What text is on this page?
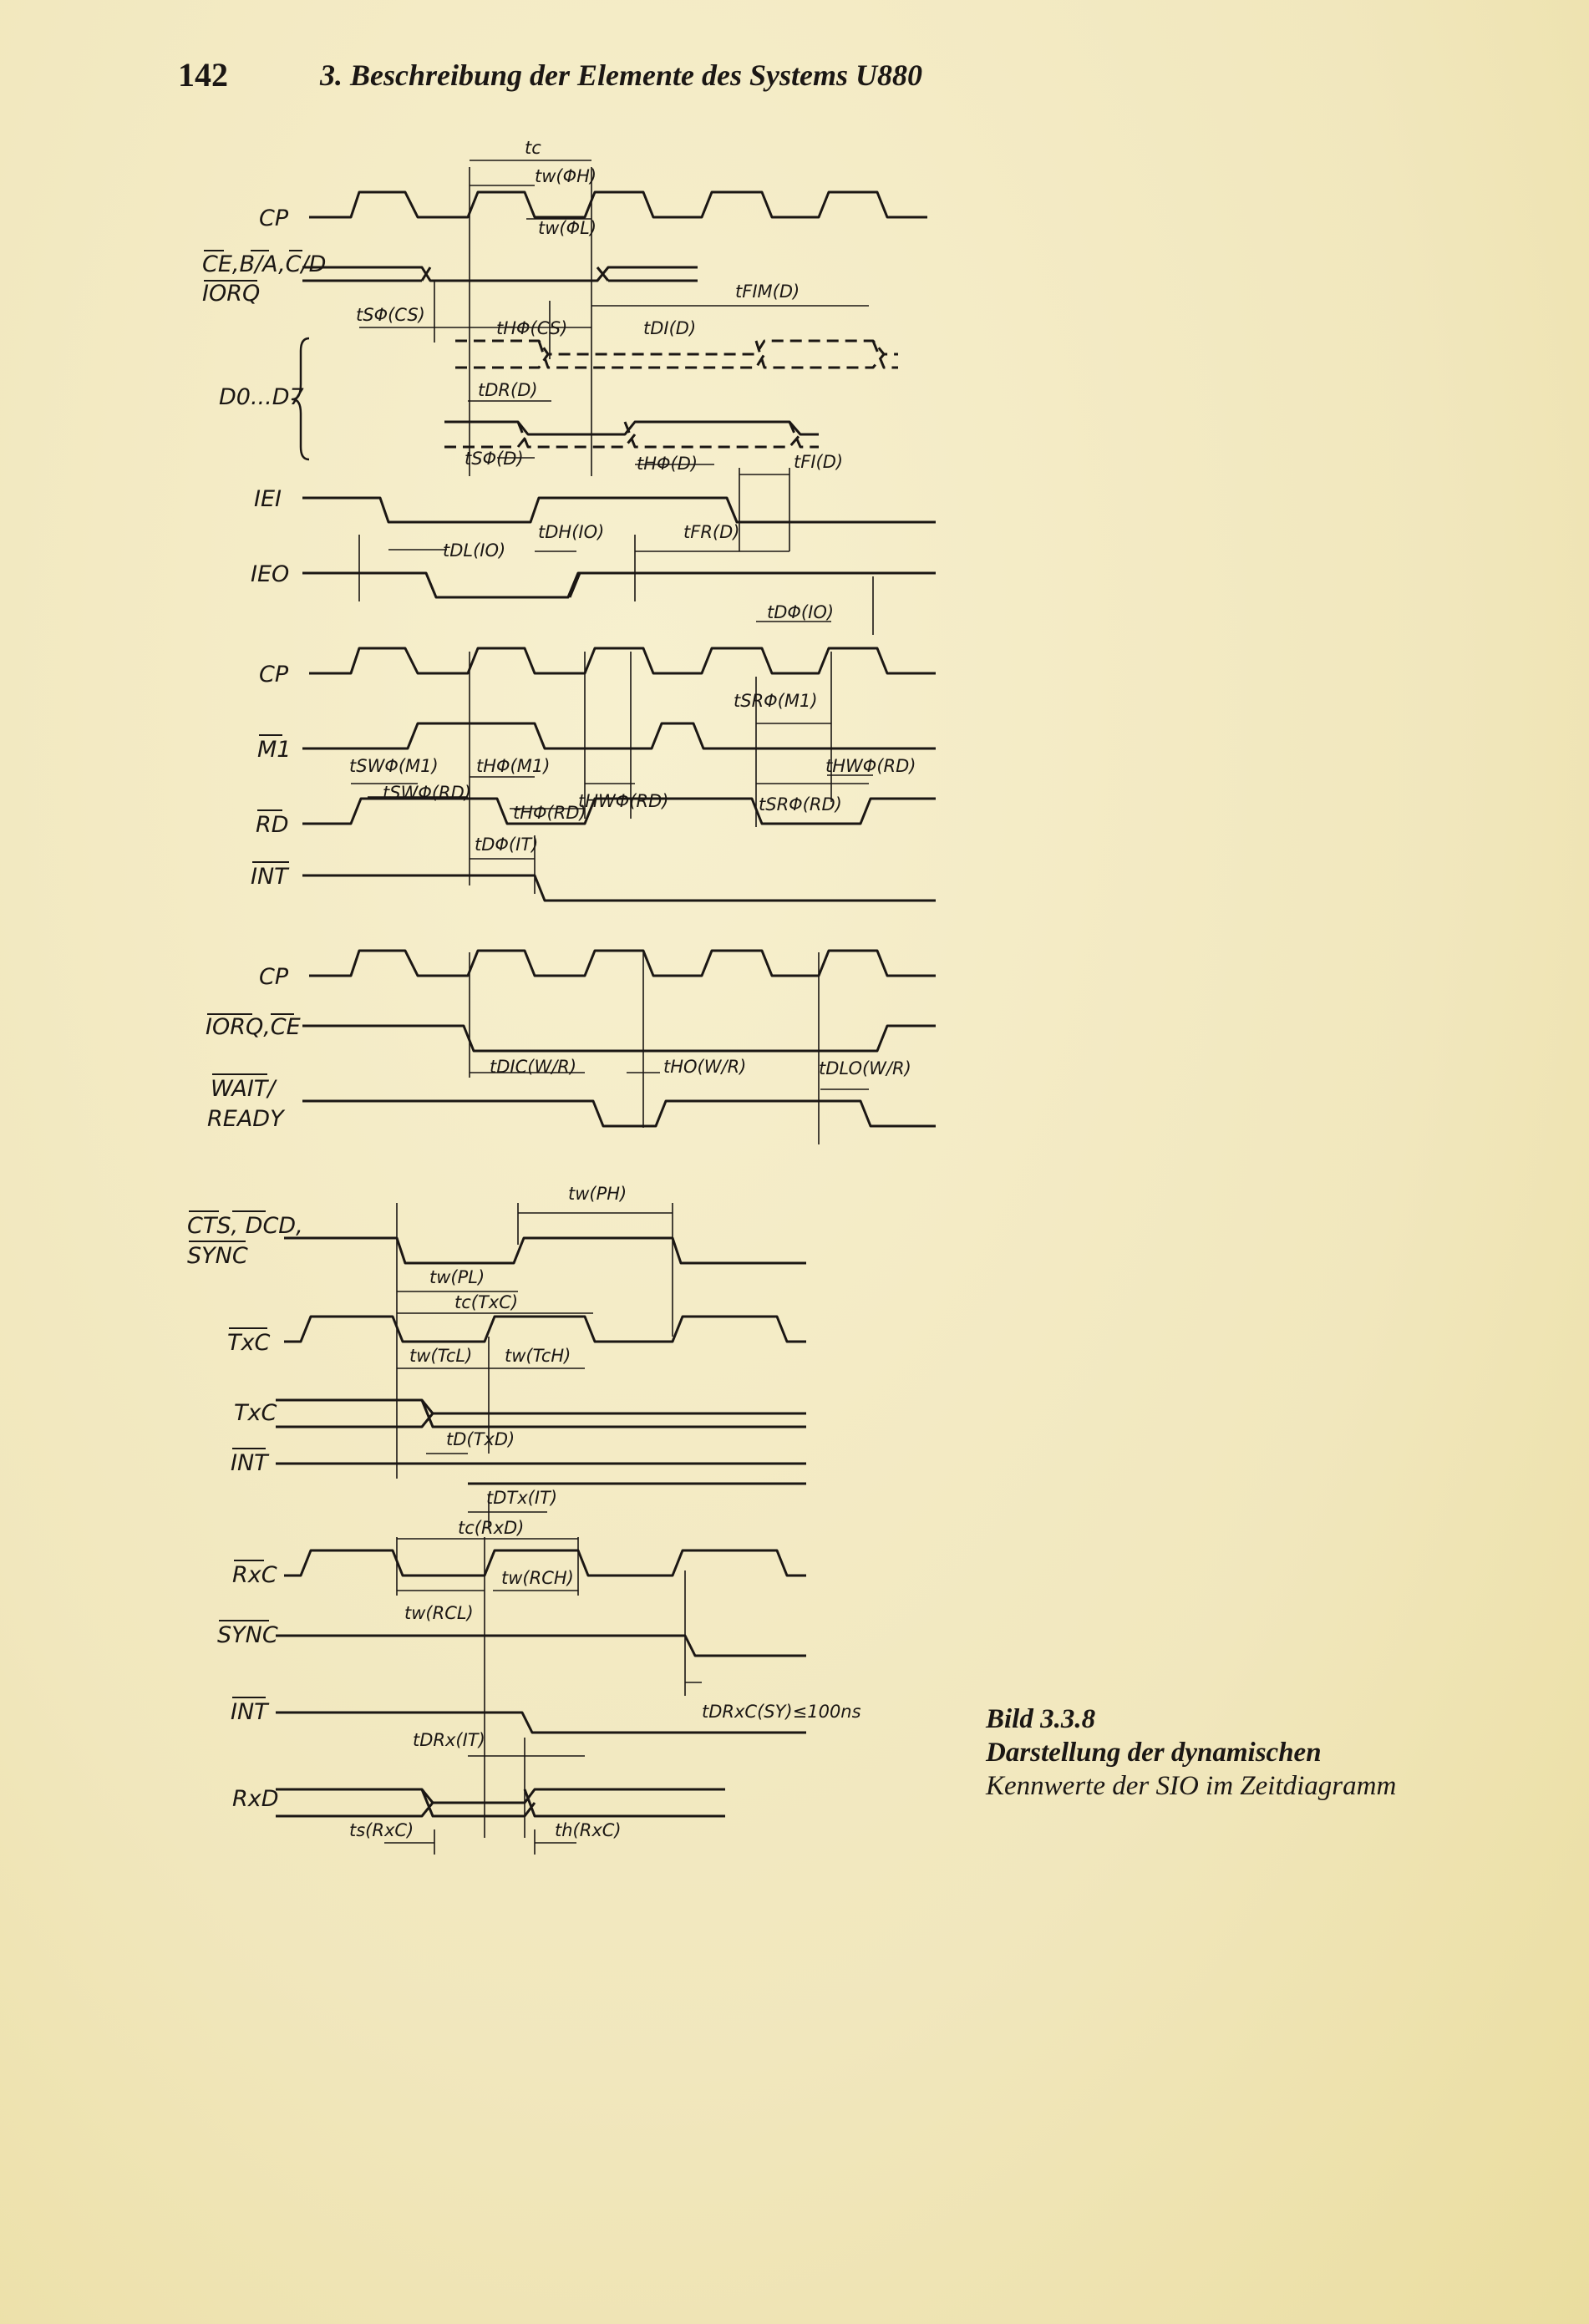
142	3. Beschreibung der Elemente des Systems U880
CP
CE,B/A,C/D
IORQ
D0...D7
IEI
IEO
CP
M1
RD
INT
CP
IORQ,CE
WAIT/
READY
CTS, DCD,
SYNC
TxC
TxC
INT
RxC
SYNC
INT
RxD
tc
tw(ΦH)
tw(ΦL)
tFIM(D)
tSΦ(CS)
tHΦ(CS)	tDI(D)
tDR(D)
tSΦ(D)	tHΦ(D)	tFI(D)
tDL(IO)
tDH(IO)	tFR(D)
tDΦ(IO)
tSRΦ(M1)
tSWΦ(M1)
tSWΦ(RD)
tHΦ(M1)
tHΦ(RD)
tHWΦ(RD)	tSRΦ(RD)
tHWΦ(RD)
tDΦ(IT)
tDIC(W/R)	tHO(W/R)	tDLO(W/R)
tw(PH)
tw(PL)
tc(TxC)
tw(TcL) tw(TcH)
tD(TxD)
tDTx(IT)
tc(RxD)
tw(RCH)
tw(RCL)
tDRxC(SY)≤100ns
tDRx(IT)
ts(RxC)	th(RxC)
Bild 3.3.8
Darstellung der dynamischen
Kennwerte der SIO im Zeitdiagramm
